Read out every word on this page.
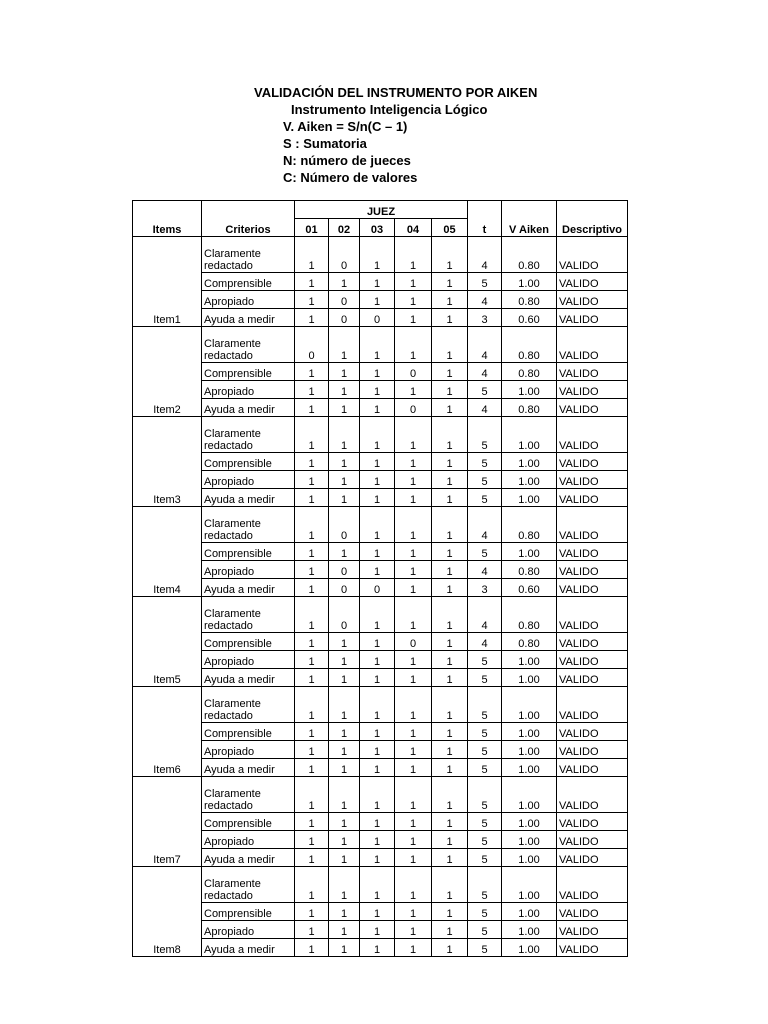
VALIDACIÓN DEL INSTRUMENTO POR AIKEN
Instrumento Inteligencia Lógico
V. Aiken = S/n(C – 1)
S : Sumatoria
N: número de jueces
C: Número de valores
		JUEZ							
Items	Criterios	01	02	03	04	05	t	V Aiken	Descriptivo
Item1	Claramente redactado	1	0	1	1	1	4	0.80	VALIDO
	Comprensible	1	1	1	1	1	5	1.00	VALIDO
	Apropiado	1	0	1	1	1	4	0.80	VALIDO
	Ayuda a medir	1	0	0	1	1	3	0.60	VALIDO
Item2	Claramente redactado	0	1	1	1	1	4	0.80	VALIDO
	Comprensible	1	1	1	0	1	4	0.80	VALIDO
	Apropiado	1	1	1	1	1	5	1.00	VALIDO
	Ayuda a medir	1	1	1	0	1	4	0.80	VALIDO
Item3	Claramente redactado	1	1	1	1	1	5	1.00	VALIDO
	Comprensible	1	1	1	1	1	5	1.00	VALIDO
	Apropiado	1	1	1	1	1	5	1.00	VALIDO
	Ayuda a medir	1	1	1	1	1	5	1.00	VALIDO
Item4	Claramente redactado	1	0	1	1	1	4	0.80	VALIDO
	Comprensible	1	1	1	1	1	5	1.00	VALIDO
	Apropiado	1	0	1	1	1	4	0.80	VALIDO
	Ayuda a medir	1	0	0	1	1	3	0.60	VALIDO
Item5	Claramente redactado	1	0	1	1	1	4	0.80	VALIDO
	Comprensible	1	1	1	0	1	4	0.80	VALIDO
	Apropiado	1	1	1	1	1	5	1.00	VALIDO
	Ayuda a medir	1	1	1	1	1	5	1.00	VALIDO
Item6	Claramente redactado	1	1	1	1	1	5	1.00	VALIDO
	Comprensible	1	1	1	1	1	5	1.00	VALIDO
	Apropiado	1	1	1	1	1	5	1.00	VALIDO
	Ayuda a medir	1	1	1	1	1	5	1.00	VALIDO
Item7	Claramente redactado	1	1	1	1	1	5	1.00	VALIDO
	Comprensible	1	1	1	1	1	5	1.00	VALIDO
	Apropiado	1	1	1	1	1	5	1.00	VALIDO
	Ayuda a medir	1	1	1	1	1	5	1.00	VALIDO
Item8	Claramente redactado	1	1	1	1	1	5	1.00	VALIDO
	Comprensible	1	1	1	1	1	5	1.00	VALIDO
	Apropiado	1	1	1	1	1	5	1.00	VALIDO
	Ayuda a medir	1	1	1	1	1	5	1.00	VALIDO
